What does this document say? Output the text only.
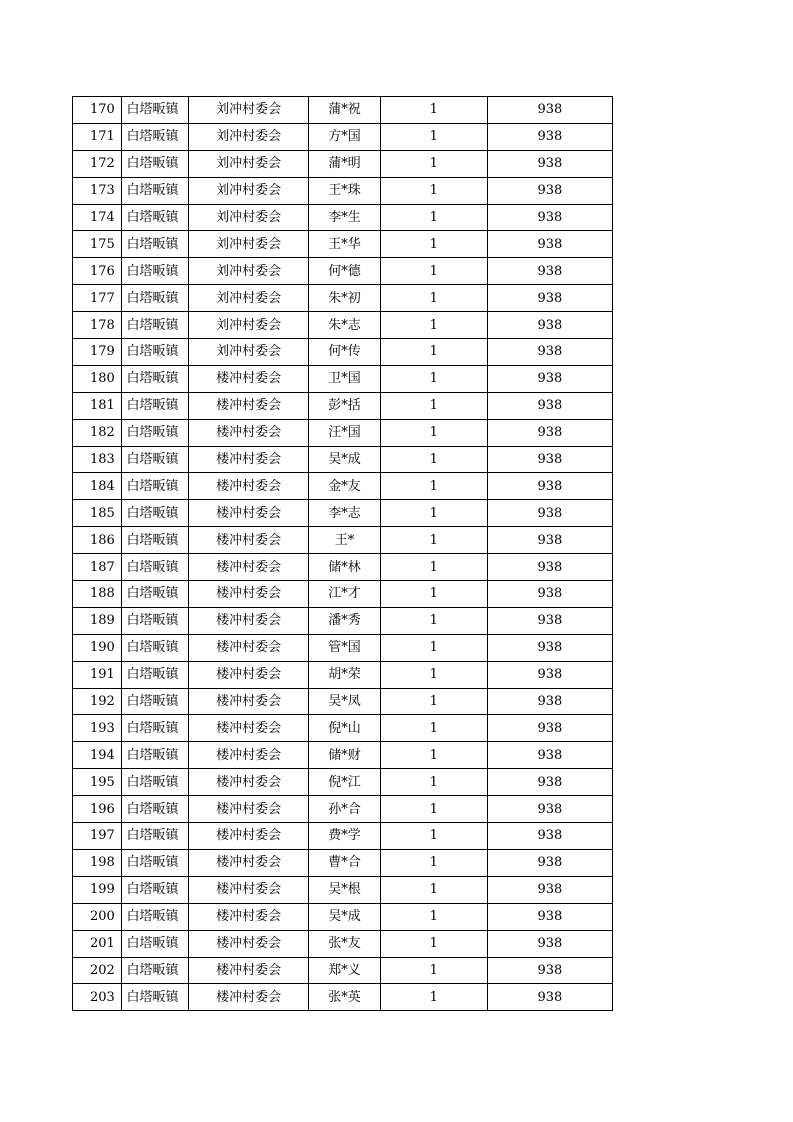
170	白塔畈镇	刘冲村委会	蒲*祝	1	938
171	白塔畈镇	刘冲村委会	方*国	1	938
172	白塔畈镇	刘冲村委会	蒲*明	1	938
173	白塔畈镇	刘冲村委会	王*珠	1	938
174	白塔畈镇	刘冲村委会	李*生	1	938
175	白塔畈镇	刘冲村委会	王*华	1	938
176	白塔畈镇	刘冲村委会	何*德	1	938
177	白塔畈镇	刘冲村委会	朱*初	1	938
178	白塔畈镇	刘冲村委会	朱*志	1	938
179	白塔畈镇	刘冲村委会	何*传	1	938
180	白塔畈镇	楼冲村委会	卫*国	1	938
181	白塔畈镇	楼冲村委会	彭*括	1	938
182	白塔畈镇	楼冲村委会	汪*国	1	938
183	白塔畈镇	楼冲村委会	吴*成	1	938
184	白塔畈镇	楼冲村委会	金*友	1	938
185	白塔畈镇	楼冲村委会	李*志	1	938
186	白塔畈镇	楼冲村委会	王*	1	938
187	白塔畈镇	楼冲村委会	储*林	1	938
188	白塔畈镇	楼冲村委会	江*才	1	938
189	白塔畈镇	楼冲村委会	潘*秀	1	938
190	白塔畈镇	楼冲村委会	管*国	1	938
191	白塔畈镇	楼冲村委会	胡*荣	1	938
192	白塔畈镇	楼冲村委会	吴*凤	1	938
193	白塔畈镇	楼冲村委会	倪*山	1	938
194	白塔畈镇	楼冲村委会	储*财	1	938
195	白塔畈镇	楼冲村委会	倪*江	1	938
196	白塔畈镇	楼冲村委会	孙*合	1	938
197	白塔畈镇	楼冲村委会	费*学	1	938
198	白塔畈镇	楼冲村委会	曹*合	1	938
199	白塔畈镇	楼冲村委会	吴*根	1	938
200	白塔畈镇	楼冲村委会	吴*成	1	938
201	白塔畈镇	楼冲村委会	张*友	1	938
202	白塔畈镇	楼冲村委会	郑*义	1	938
203	白塔畈镇	楼冲村委会	张*英	1	938
